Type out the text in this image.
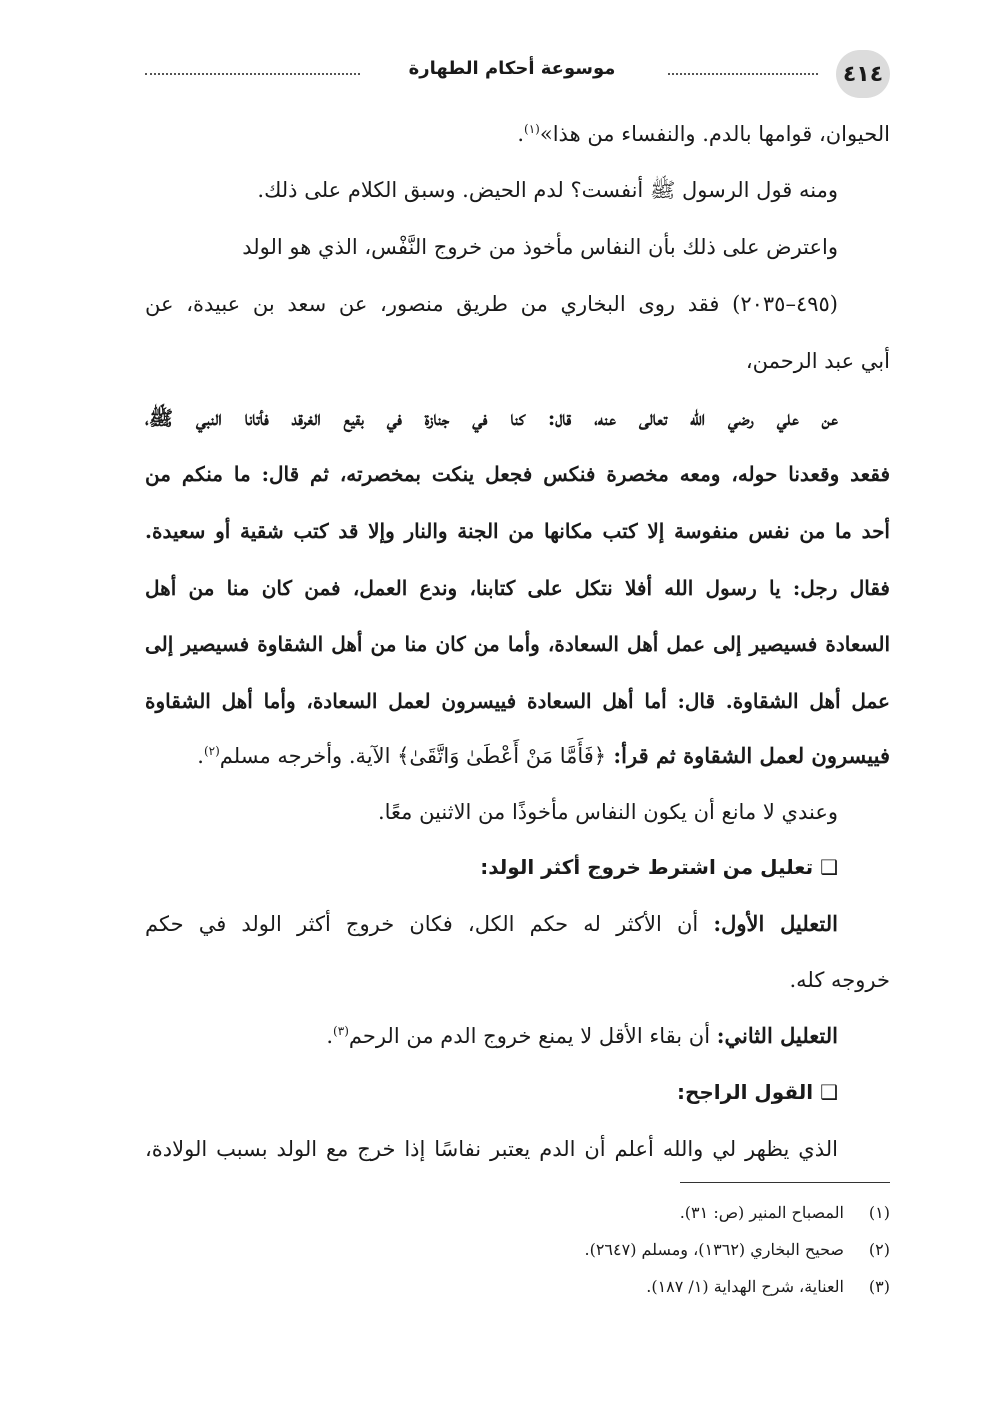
٤١٤
موسوعة أحكام الطهارة
الحيوان، قوامها بالدم. والنفساء من هذا»$^{(١)}$.
ومنه قول الرسول ﷺ أنفست؟ لدم الحيض. وسبق الكلام على ذلك.
واعترض على ذلك بأن النفاس مأخوذ من خروج النَّفْس، الذي هو الولد
(٤٩٥–٢٠٣٥) فقد روى البخاري من طريق منصور، عن سعد بن عبيدة، عن
أبي عبد الرحمن،
عن علي رضي الله تعالى عنه، قال: كنا في جنازة في بقيع الغرقد فأتانا النبي ﷺ،
فقعد وقعدنا حوله، ومعه مخصرة فنكس فجعل ينكت بمخصرته، ثم قال: ما منكم من
أحد ما من نفس منفوسة إلا كتب مكانها من الجنة والنار وإلا قد كتب شقية أو سعيدة.
فقال رجل: يا رسول الله أفلا نتكل على كتابنا، وندع العمل، فمن كان منا من أهل
السعادة فسيصير إلى عمل أهل السعادة، وأما من كان منا من أهل الشقاوة فسيصير إلى
عمل أهل الشقاوة. قال: أما أهل السعادة فييسرون لعمل السعادة، وأما أهل الشقاوة
فييسرون لعمل الشقاوة ثم قرأ: ﴿فَأَمَّا مَنْ أَعْطَىٰ وَاتَّقَىٰ﴾ الآية. وأخرجه مسلم$^{(٢)}$.
وعندي لا مانع أن يكون النفاس مأخوذًا من الاثنين معًا.
❑ تعليل من اشترط خروج أكثر الولد:
التعليل الأول: أن الأكثر له حكم الكل، فكان خروج أكثر الولد في حكم
خروجه كله.
التعليل الثاني: أن بقاء الأقل لا يمنع خروج الدم من الرحم$^{(٣)}$.
❑ القول الراجح:
الذي يظهر لي والله أعلم أن الدم يعتبر نفاسًا إذا خرج مع الولد بسبب الولادة،
(١)المصباح المنير (ص: ٣١).
(٢)صحيح البخاري (١٣٦٢)، ومسلم (٢٦٤٧).
(٣)العناية، شرح الهداية (١/ ١٨٧).
